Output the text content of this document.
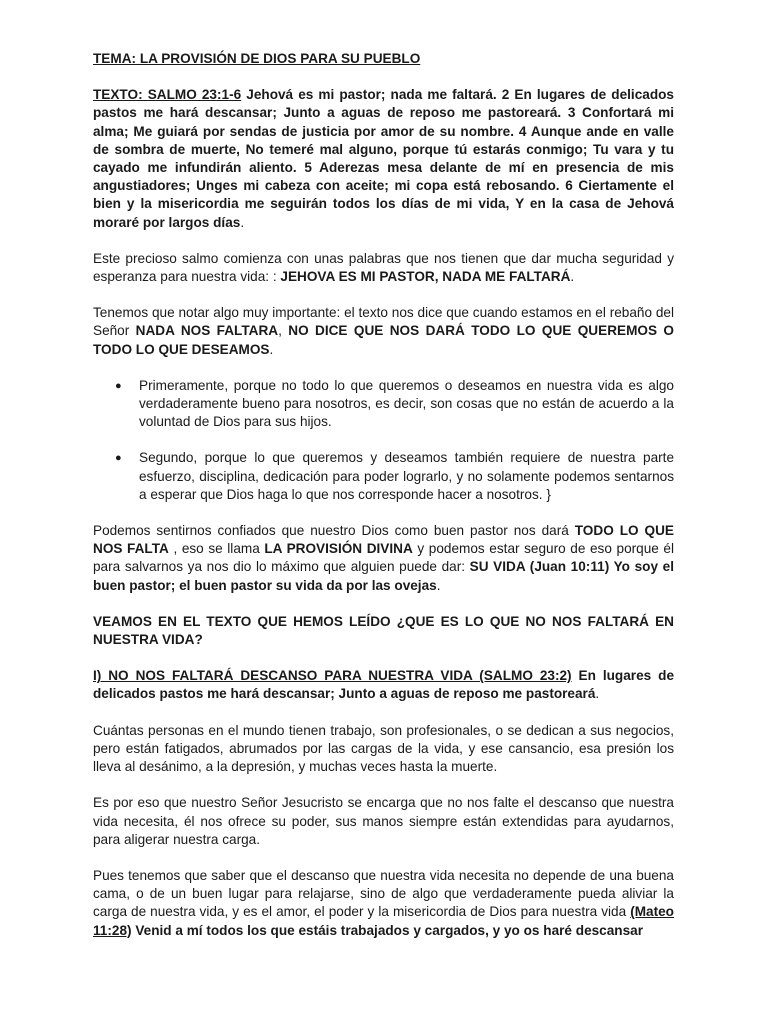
TEMA: LA PROVISIÓN DE DIOS PARA SU PUEBLO

TEXTO: SALMO 23:1-6 Jehová es mi pastor; nada me faltará. 2 En lugares de delicados pastos me hará descansar; Junto a aguas de reposo me pastoreará. 3 Confortará mi alma; Me guiará por sendas de justicia por amor de su nombre. 4 Aunque ande en valle de sombra de muerte, No temeré mal alguno, porque tú estarás conmigo; Tu vara y tu cayado me infundirán aliento. 5 Aderezas mesa delante de mí en presencia de mis angustiadores; Unges mi cabeza con aceite; mi copa está rebosando. 6 Ciertamente el bien y la misericordia me seguirán todos los días de mi vida, Y en la casa de Jehová moraré por largos días.

Este precioso salmo comienza con unas palabras que nos tienen que dar mucha seguridad y esperanza para nuestra vida: : JEHOVA ES MI PASTOR, NADA ME FALTARÁ.

Tenemos que notar algo muy importante: el texto nos dice que cuando estamos en el rebaño del Señor NADA NOS FALTARA, NO DICE QUE NOS DARÁ TODO LO QUE QUEREMOS O TODO LO QUE DESEAMOS.

● Primeramente, porque no todo lo que queremos o deseamos en nuestra vida es algo verdaderamente bueno para nosotros, es decir, son cosas que no están de acuerdo a la voluntad de Dios para sus hijos.
● Segundo, porque lo que queremos y deseamos también requiere de nuestra parte esfuerzo, disciplina, dedicación para poder lograrlo, y no solamente podemos sentarnos a esperar que Dios haga lo que nos corresponde hacer a nosotros. }

Podemos sentirnos confiados que nuestro Dios como buen pastor nos dará TODO LO QUE NOS FALTA , eso se llama LA PROVISIÓN DIVINA y podemos estar seguro de eso porque él para salvarnos ya nos dio lo máximo que alguien puede dar: SU VIDA (Juan 10:11) Yo soy el buen pastor; el buen pastor su vida da por las ovejas.

VEAMOS EN EL TEXTO QUE HEMOS LEÍDO ¿QUE ES LO QUE NO NOS FALTARÁ EN NUESTRA VIDA?

I) NO NOS FALTARÁ DESCANSO PARA NUESTRA VIDA (SALMO 23:2) En lugares de delicados pastos me hará descansar; Junto a aguas de reposo me pastoreará.

Cuántas personas en el mundo tienen trabajo, son profesionales, o se dedican a sus negocios, pero están fatigados, abrumados por las cargas de la vida, y ese cansancio, esa presión los lleva al desánimo, a la depresión, y muchas veces hasta la muerte.

Es por eso que nuestro Señor Jesucristo se encarga que no nos falte el descanso que nuestra vida necesita, él nos ofrece su poder, sus manos siempre están extendidas para ayudarnos, para aligerar nuestra carga.

Pues tenemos que saber que el descanso que nuestra vida necesita no depende de una buena cama, o de un buen lugar para relajarse, sino de algo que verdaderamente pueda aliviar la carga de nuestra vida, y es el amor, el poder y la misericordia de Dios para nuestra vida (Mateo 11:28) Venid a mí todos los que estáis trabajados y cargados, y yo os haré descansar
